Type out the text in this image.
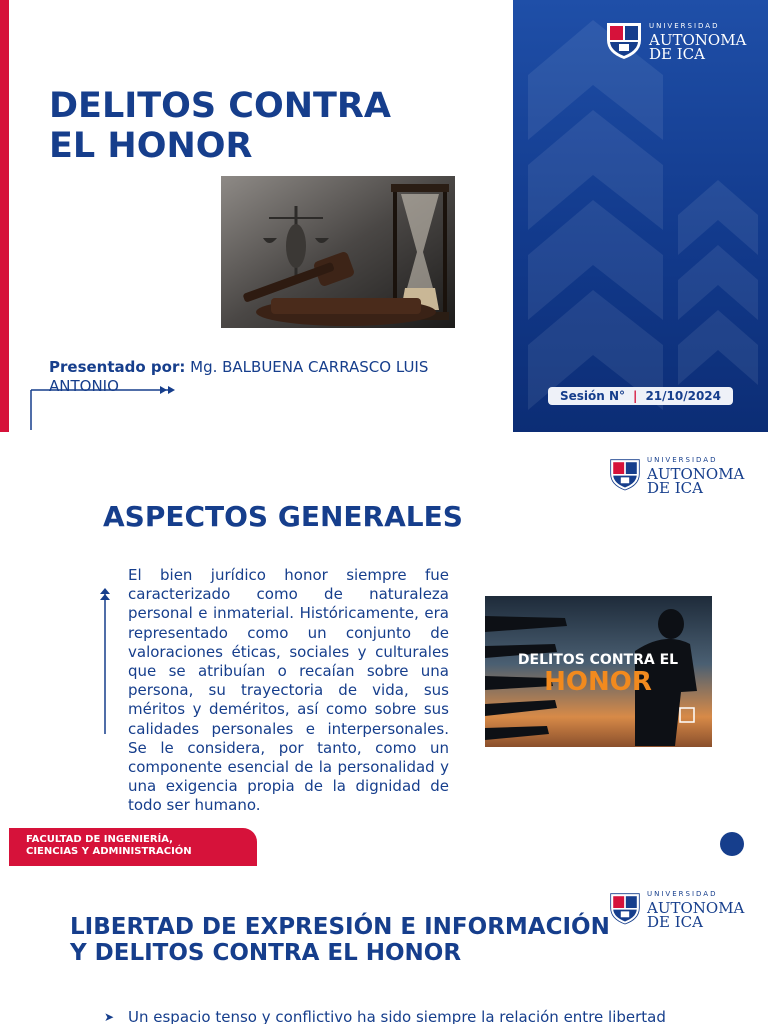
UNIVERSIDAD
AUTONOMA
DE ICA
DELITOS CONTRA
EL HONOR
Presentado por: Mg. BALBUENA CARRASCO LUIS ANTONIO
Sesión N° | 21/10/2024
UNIVERSIDAD
AUTONOMA
DE ICA
ASPECTOS GENERALES

El bien jurídico honor siempre fue caracterizado como de naturaleza personal e inmaterial. Históricamente, era representado como un conjunto de valoraciones éticas, sociales y culturales que se atribuían o recaían sobre una persona, su trayectoria de vida, sus méritos y deméritos, así como sobre sus calidades personales e interpersonales. Se le considera, por tanto, como un componente esencial de la personalidad y una exigencia propia de la dignidad de todo ser humano.

DELITOS CONTRA EL
HONOR
FACULTAD DE INGENIERÍA,
CIENCIAS Y ADMINISTRACIÓN
UNIVERSIDAD
AUTONOMA
DE ICA
LIBERTAD DE EXPRESIÓN E INFORMACIÓN Y DELITOS CONTRA EL HONOR
➤ Un espacio tenso y conflictivo ha sido siempre la relación entre libertad
